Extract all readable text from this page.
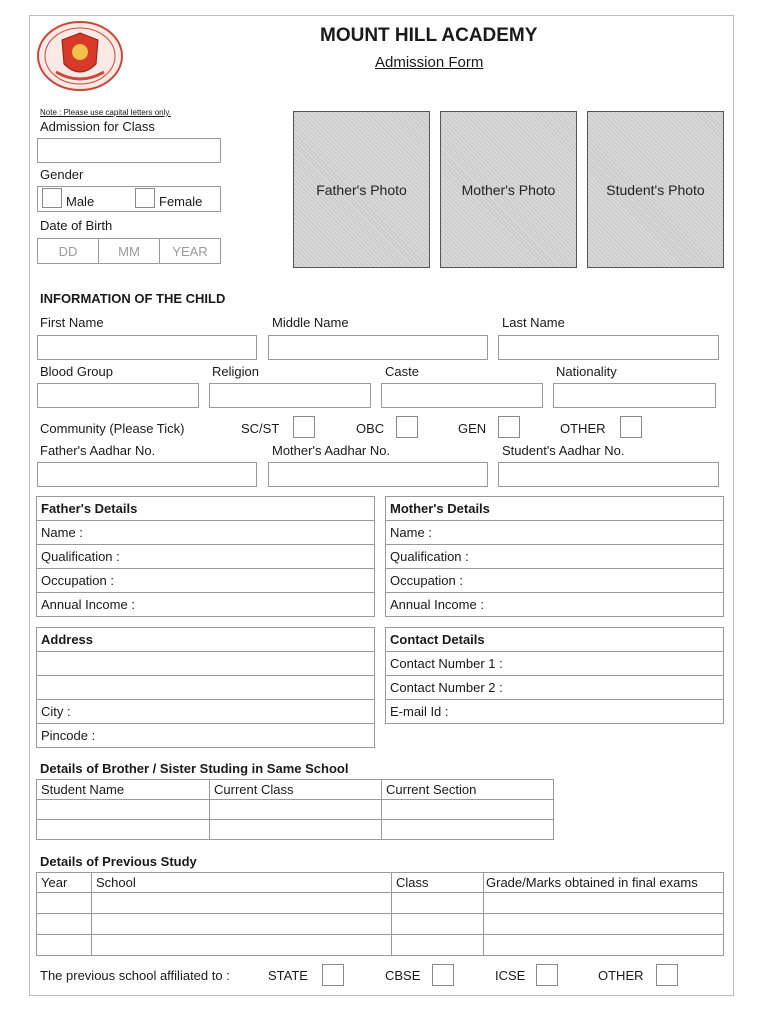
MOUNT HILL ACADEMY
Admission Form
Note : Please use capital letters only.
Admission for Class
Gender
Male	Female
Date of Birth
DD	MM	YEAR
Father's Photo	Mother's Photo	Student's Photo
INFORMATION OF THE CHILD
First Name	Middle Name	Last Name
Blood Group	Religion	Caste	Nationality
Community (Please Tick)	SC/ST	OBC	GEN	OTHER
Father's Aadhar No.	Mother's Aadhar No.	Student's Aadhar No.
Father's Details
Name :
Qualification :
Occupation :
Annual Income :
Mother's Details
Name :
Qualification :
Occupation :
Annual Income :
Address

City :
Pincode :
Contact Details
Contact Number 1 :
Contact Number 2 :
E-mail Id :
Details of Brother / Sister Studing in Same School
Student Name	Current Class	Current Section

Details of Previous Study
Year	School	Class	Grade/Marks obtained in final exams

The previous school affiliated to :	STATE	CBSE	ICSE	OTHER
